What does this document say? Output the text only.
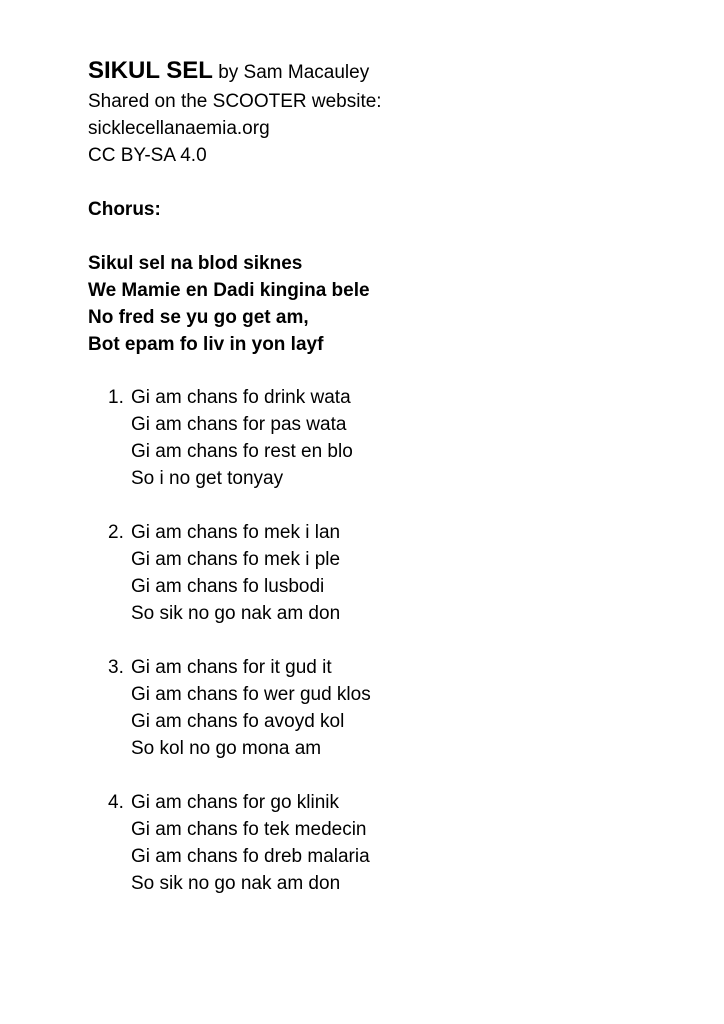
SIKUL SEL by Sam Macauley
Shared on the SCOOTER website:
sicklecellanaemia.org
CC BY-SA 4.0
Chorus:
Sikul sel na blod siknes
We Mamie en Dadi kingina bele
No fred se yu go get am,
Bot epam fo liv in yon layf
1. Gi am chans fo drink wata
Gi am chans for pas wata
Gi am chans fo rest en blo
So i no get tonyay
2. Gi am chans fo mek i lan
Gi am chans fo mek i ple
Gi am chans fo lusbodi
So sik no go nak am don
3. Gi am chans for it gud it
Gi am chans fo wer gud klos
Gi am chans fo avoyd kol
So kol no go mona am
4. Gi am chans for go klinik
Gi am chans fo tek medecin
Gi am chans fo dreb malaria
So sik no go nak am don
